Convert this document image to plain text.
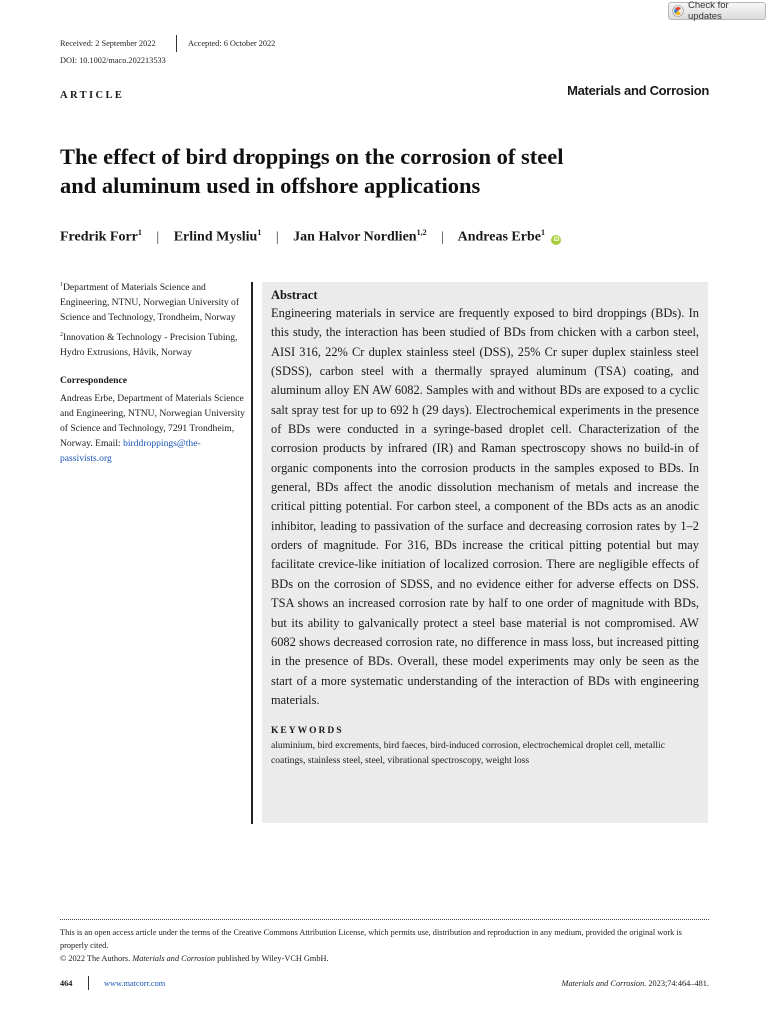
Check for updates
Received: 2 September 2022	Accepted: 6 October 2022
DOI: 10.1002/maco.202213533
ARTICLE	Materials and Corrosion
The effect of bird droppings on the corrosion of steel
and aluminum used in offshore applications
Fredrik Forr$^1$ | Erlind Mysliu$^1$ | Jan Halvor Nordlien$^{1,2}$ | Andreas Erbe$^1$ iD

$^1$Department of Materials Science and Engineering, NTNU, Norwegian University of Science and Technology, Trondheim, Norway

$^2$Innovation & Technology - Precision Tubing, Hydro Extrusions, Håvik, Norway

Correspondence

Andreas Erbe, Department of Materials Science and Engineering, NTNU, Norwegian University of Science and Technology, 7291 Trondheim, Norway. Email: birddroppings@the-passivists.org

Abstract
Engineering materials in service are frequently exposed to bird droppings (BDs). In this study, the interaction has been studied of BDs from chicken with a carbon steel, AISI 316, 22% Cr duplex stainless steel (DSS), 25% Cr super duplex stainless steel (SDSS), carbon steel with a thermally sprayed aluminum (TSA) coating, and aluminum alloy EN AW 6082. Samples with and without BDs are exposed to a cyclic salt spray test for up to 692 h (29 days). Electrochemical experiments in the presence of BDs were conducted in a syringe-based droplet cell. Characterization of the corrosion products by infrared (IR) and Raman spectroscopy shows no build-in of organic components into the corrosion products in the samples exposed to BDs. In general, BDs affect the anodic dissolution mechanism of metals and increase the critical pitting potential. For carbon steel, a component of the BDs acts as an anodic inhibitor, leading to passivation of the surface and decreasing corrosion rates by 1–2 orders of magnitude. For 316, BDs increase the critical pitting potential but may facilitate crevice-like initiation of localized corrosion. There are negligible effects of BDs on the corrosion of SDSS, and no evidence either for adverse effects on DSS. TSA shows an increased corrosion rate by half to one order of magnitude with BDs, but its ability to galvanically protect a steel base material is not compromised. AW 6082 shows decreased corrosion rate, no difference in mass loss, but increased pitting in the presence of BDs. Overall, these model experiments may only be seen as the start of a more systematic understanding of the interaction of BDs with engineering materials.
KEYWORDS
aluminium, bird excrements, bird faeces, bird-induced corrosion, electrochemical droplet cell, metallic coatings, stainless steel, steel, vibrational spectroscopy, weight loss

This is an open access article under the terms of the Creative Commons Attribution License, which permits use, distribution and reproduction in any medium, provided the original work is properly cited.

© 2022 The Authors. Materials and Corrosion published by Wiley-VCH GmbH.

464	www.matcorr.com	Materials and Corrosion. 2023;74:464–481.
